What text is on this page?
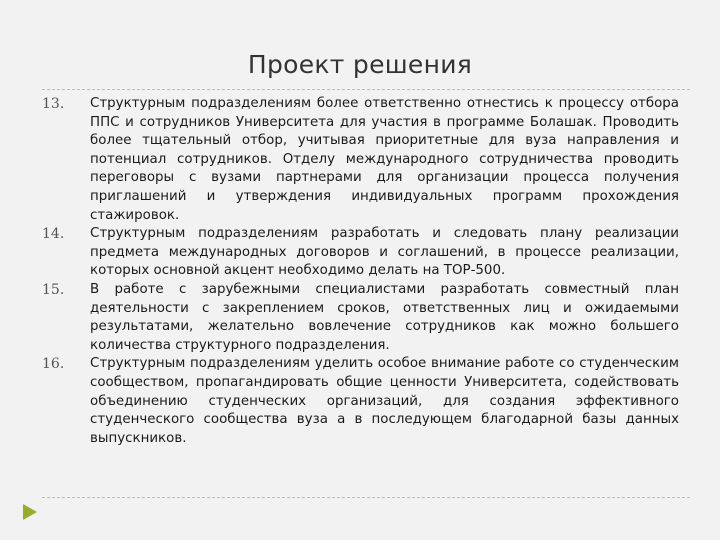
Проект решения
13.	Структурным подразделениям более ответственно отнестись к процессу отбора ППС и сотрудников Университета для участия в программе Болашак. Проводить более тщательный отбор, учитывая приоритетные для вуза направления и потенциал сотрудников. Отделу международного сотрудничества проводить переговоры с вузами партнерами для организации процесса получения приглашений и утверждения индивидуальных программ прохождения стажировок.

14.	Структурным подразделениям разработать и следовать плану реализации предмета международных договоров и соглашений, в процессе реализации, которых основной акцент необходимо делать на ТОР-500.

15.	В работе с зарубежными специалистами разработать совместный план деятельности с закреплением сроков, ответственных лиц и ожидаемыми результатами, желательно вовлечение сотрудников как можно большего количества структурного подразделения.

16.	Структурным подразделениям уделить особое внимание работе со студенческим сообществом, пропагандировать общие ценности Университета, содействовать объединению студенческих организаций, для создания эффективного студенческого сообщества вуза а в последующем благодарной базы данных выпускников.
